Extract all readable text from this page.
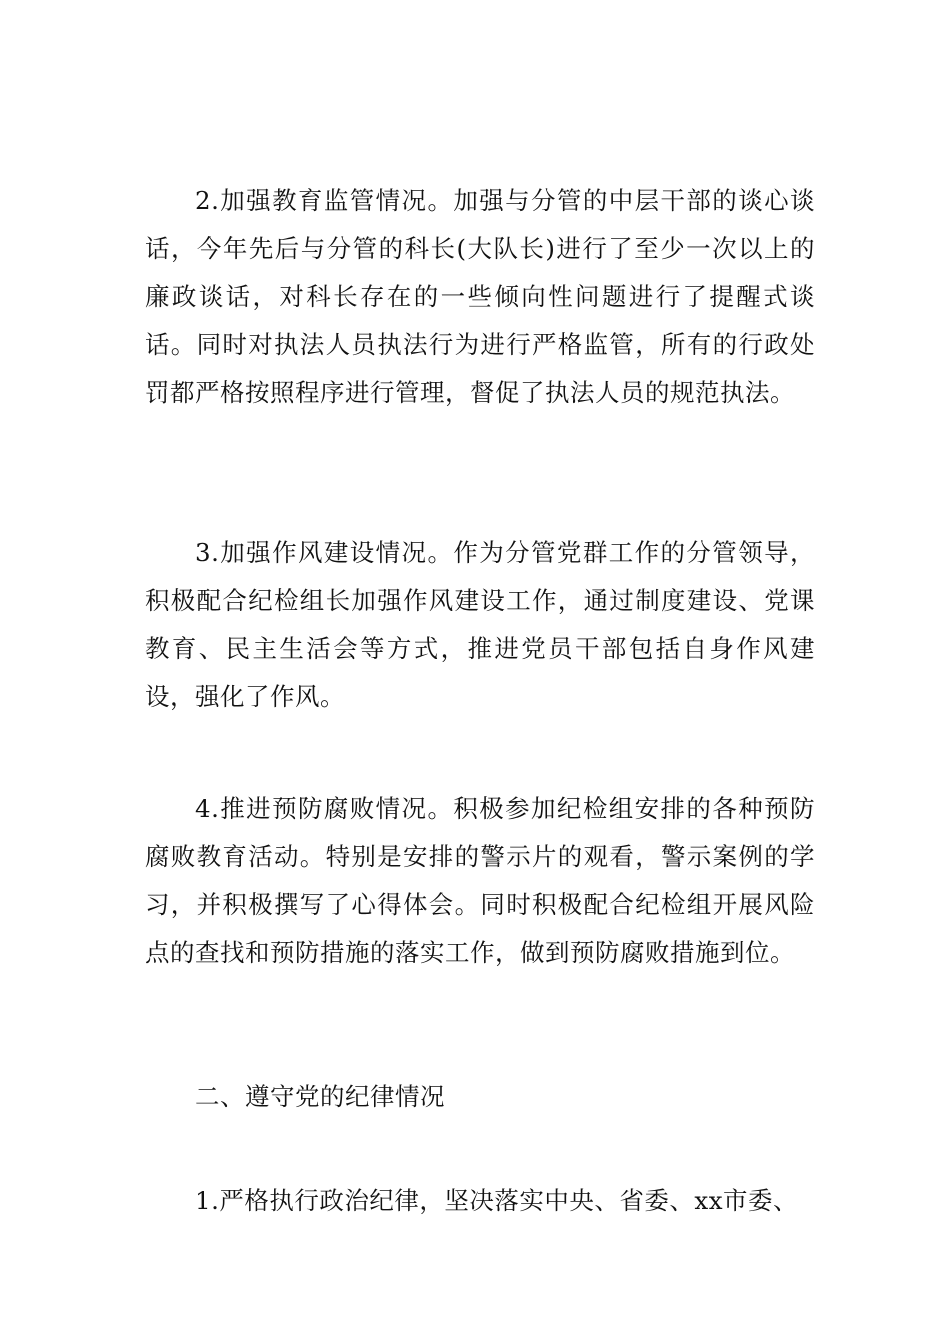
2.加强教育监管情况。加强与分管的中层干部的谈心谈话，今年先后与分管的科长(大队长)进行了至少一次以上的廉政谈话，对科长存在的一些倾向性问题进行了提醒式谈话。同时对执法人员执法行为进行严格监管，所有的行政处罚都严格按照程序进行管理，督促了执法人员的规范执法。

3.加强作风建设情况。作为分管党群工作的分管领导，积极配合纪检组长加强作风建设工作，通过制度建设、党课教育、民主生活会等方式，推进党员干部包括自身作风建设，强化了作风。

4.推进预防腐败情况。积极参加纪检组安排的各种预防腐败教育活动。特别是安排的警示片的观看，警示案例的学习，并积极撰写了心得体会。同时积极配合纪检组开展风险点的查找和预防措施的落实工作，做到预防腐败措施到位。

二、遵守党的纪律情况

1.严格执行政治纪律，坚决落实中央、省委、xx市委、
